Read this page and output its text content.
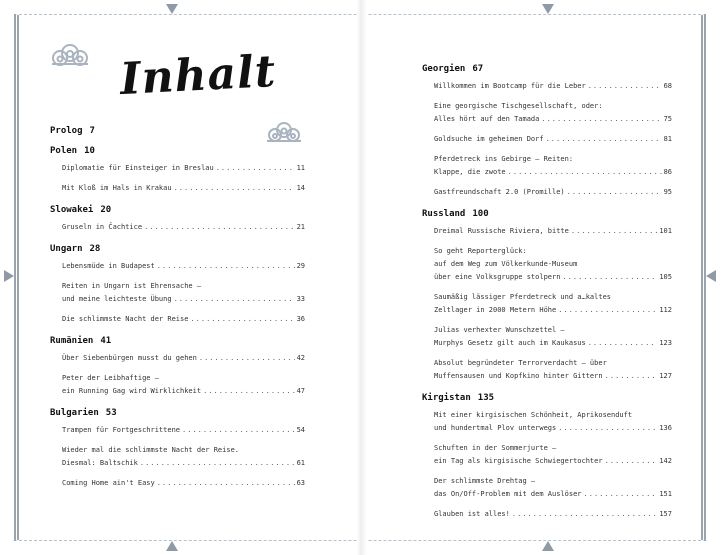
Inhalt
Prolog 7
Polen 10
Diplomatie für Einsteiger in Breslau .....	11
Mit Kloß im Hals in Krakau .....	14
Slowakei 20
Gruseln in Čachtice .....	21
Ungarn 28
Lebensmüde in Budapest .....	29
Reiten in Ungarn ist Ehrensache –
und meine leichteste Übung .....	33
Die schlimmste Nacht der Reise .....	36
Rumänien 41
Über Siebenbürgen musst du gehen .....	42
Peter der Leibhaftige –
ein Running Gag wird Wirklichkeit .....	47
Bulgarien 53
Trampen für Fortgeschrittene .....	54
Wieder mal die schlimmste Nacht der Reise.
Diesmal: Baltschik .....	61
Coming Home ain't Easy .....	63
Georgien 67
Willkommen im Bootcamp für die Leber .....	68
Eine georgische Tischgesellschaft, oder:
Alles hört auf den Tamada .....	75
Goldsuche im geheimen Dorf .....	81
Pferdetreck ins Gebirge – Reiten:
Klappe, die zwote .....	86
Gastfreundschaft 2.0 (Promille) .....	95
Russland 100
Dreimal Russische Riviera, bitte .....	101
So geht Reporterglück:
auf dem Weg zum Völkerkunde-Museum
über eine Volksgruppe stolpern .....	105
Saumäßig lässiger Pferdetreck und a…kaltes
Zeltlager in 2000 Metern Höhe .....	112
Julias verhexter Wunschzettel –
Murphys Gesetz gilt auch im Kaukasus .....	123
Absolut begründeter Terrorverdacht – über
Muffensausen und Kopfkino hinter Gittern .....	127
Kirgistan 135
Mit einer kirgisischen Schönheit, Aprikosenduft
und hundertmal Plov unterwegs .....	136
Schuften in der Sommerjurte –
ein Tag als kirgisische Schwiegertochter .....	142
Der schlimmste Drehtag –
das On/Off-Problem mit dem Auslöser .....	151
Glauben ist alles! .....	157
